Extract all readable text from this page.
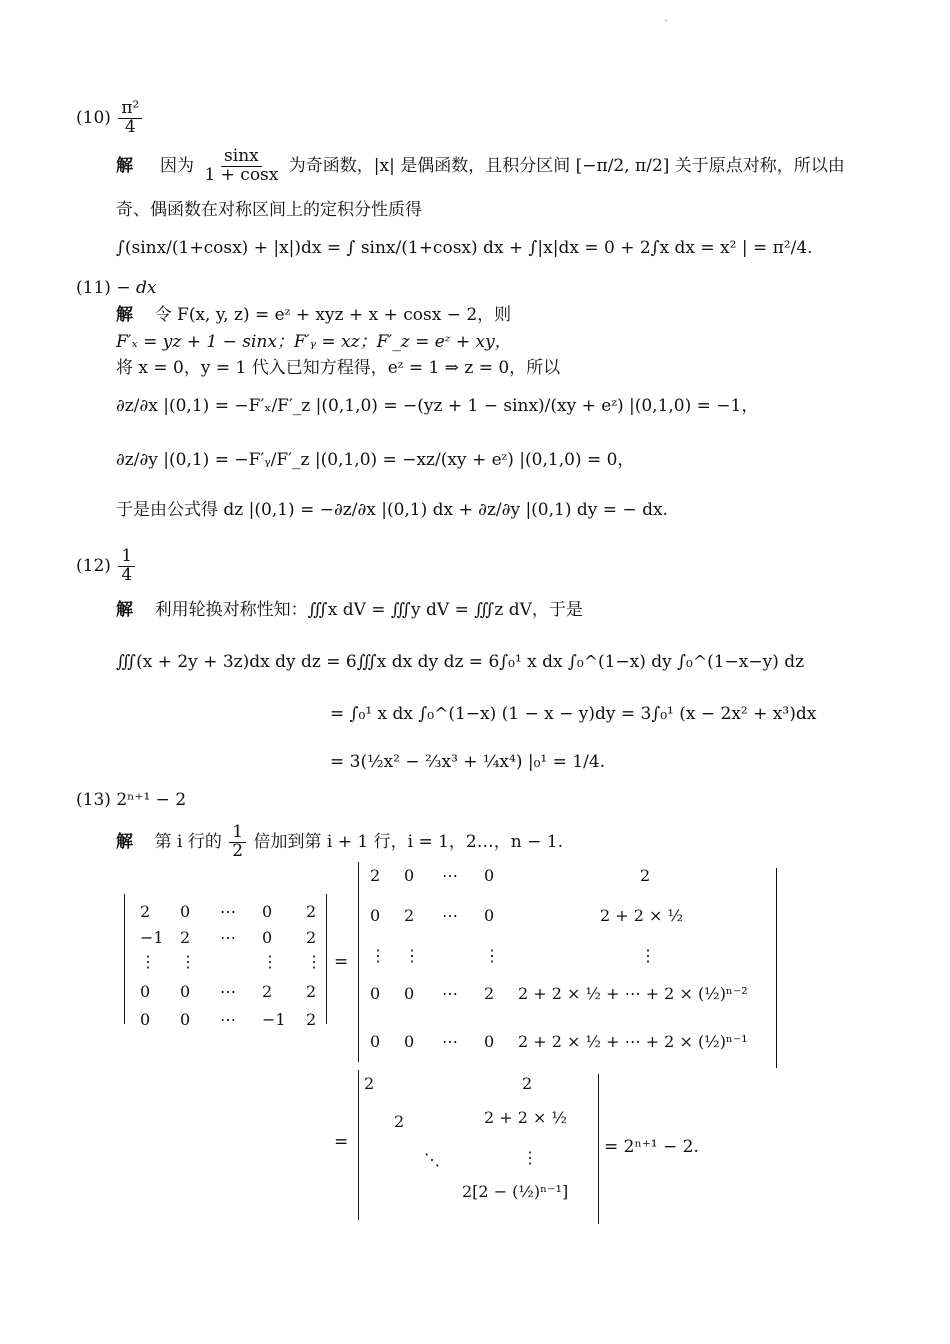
$(10) \frac{\text{π²}}{4}$
解 因为 $\frac{\sin x}{1 + \cos x}$ 为奇函数，|x| 是偶函数，且积分区间 [−π/2, π/2] 关于原点对称，所以由
奇、偶函数在对称区间上的定积分性质得
∫(sinx/(1+cosx) + |x|)dx = ∫ sinx/(1+cosx) dx + ∫|x|dx = 0 + 2∫x dx = x² | = π²/4.
(11) − dx
解 令 F(x, y, z) = eᶻ + xyz + x + cosx − 2，则
F′ₓ = yz + 1 − sinx；F′ᵧ = xz；F′_z = eᶻ + xy，
将 x = 0，y = 1 代入已知方程得，eᶻ = 1 ⇒ z = 0，所以
∂z/∂x |(0,1) = −F′ₓ/F′_z |(0,1,0) = −(yz + 1 − sinx)/(xy + eᶻ) |(0,1,0) = −1，
∂z/∂y |(0,1) = −F′ᵧ/F′_z |(0,1,0) = −xz/(xy + eᶻ) |(0,1,0) = 0，
于是由公式得 dz |(0,1) = −∂z/∂x |(0,1) dx + ∂z/∂y |(0,1) dy = − dx.
$(12) \frac{1}{4}$
解 利用轮换对称性知：∭x dV = ∭y dV = ∭z dV，于是
∭(x + 2y + 3z)dx dy dz = 6∭x dx dy dz = 6∫₀¹ x dx ∫₀^(1−x) dy ∫₀^(1−x−y) dz
= ∫₀¹ x dx ∫₀^(1−x) (1 − x − y)dy = 3∫₀¹ (x − 2x² + x³)dx
= 3(½x² − ⅔x³ + ¼x⁴) |₀¹ = 1/4.
(13) 2ⁿ⁺¹ − 2
解 第 i 行的 $\frac{1}{2}$ 倍加到第 i + 1 行，i = 1，2…，n − 1.
=
=	= 2ⁿ⁺¹ − 2.
ˏ
2 0 ⋯ 0 2
−1 2 ⋯ 0 2
⋮ ⋮	⋮ ⋮
0 0 ⋯ 2 2
0 0 ⋯ −1 2
2
0
⋮
0
0
0
2
⋮
0
0
⋯
⋯
⋯
⋯
0
0
⋮
2
0
2
2 + 2 × ½
⋮
2 + 2 × ½ + ⋯ + 2 × (½)ⁿ⁻²
2 + 2 × ½ + ⋯ + 2 × (½)ⁿ⁻¹
2
2
⋱
2[2 − (½)ⁿ⁻¹]
2
2 + 2 × ½
⋮
